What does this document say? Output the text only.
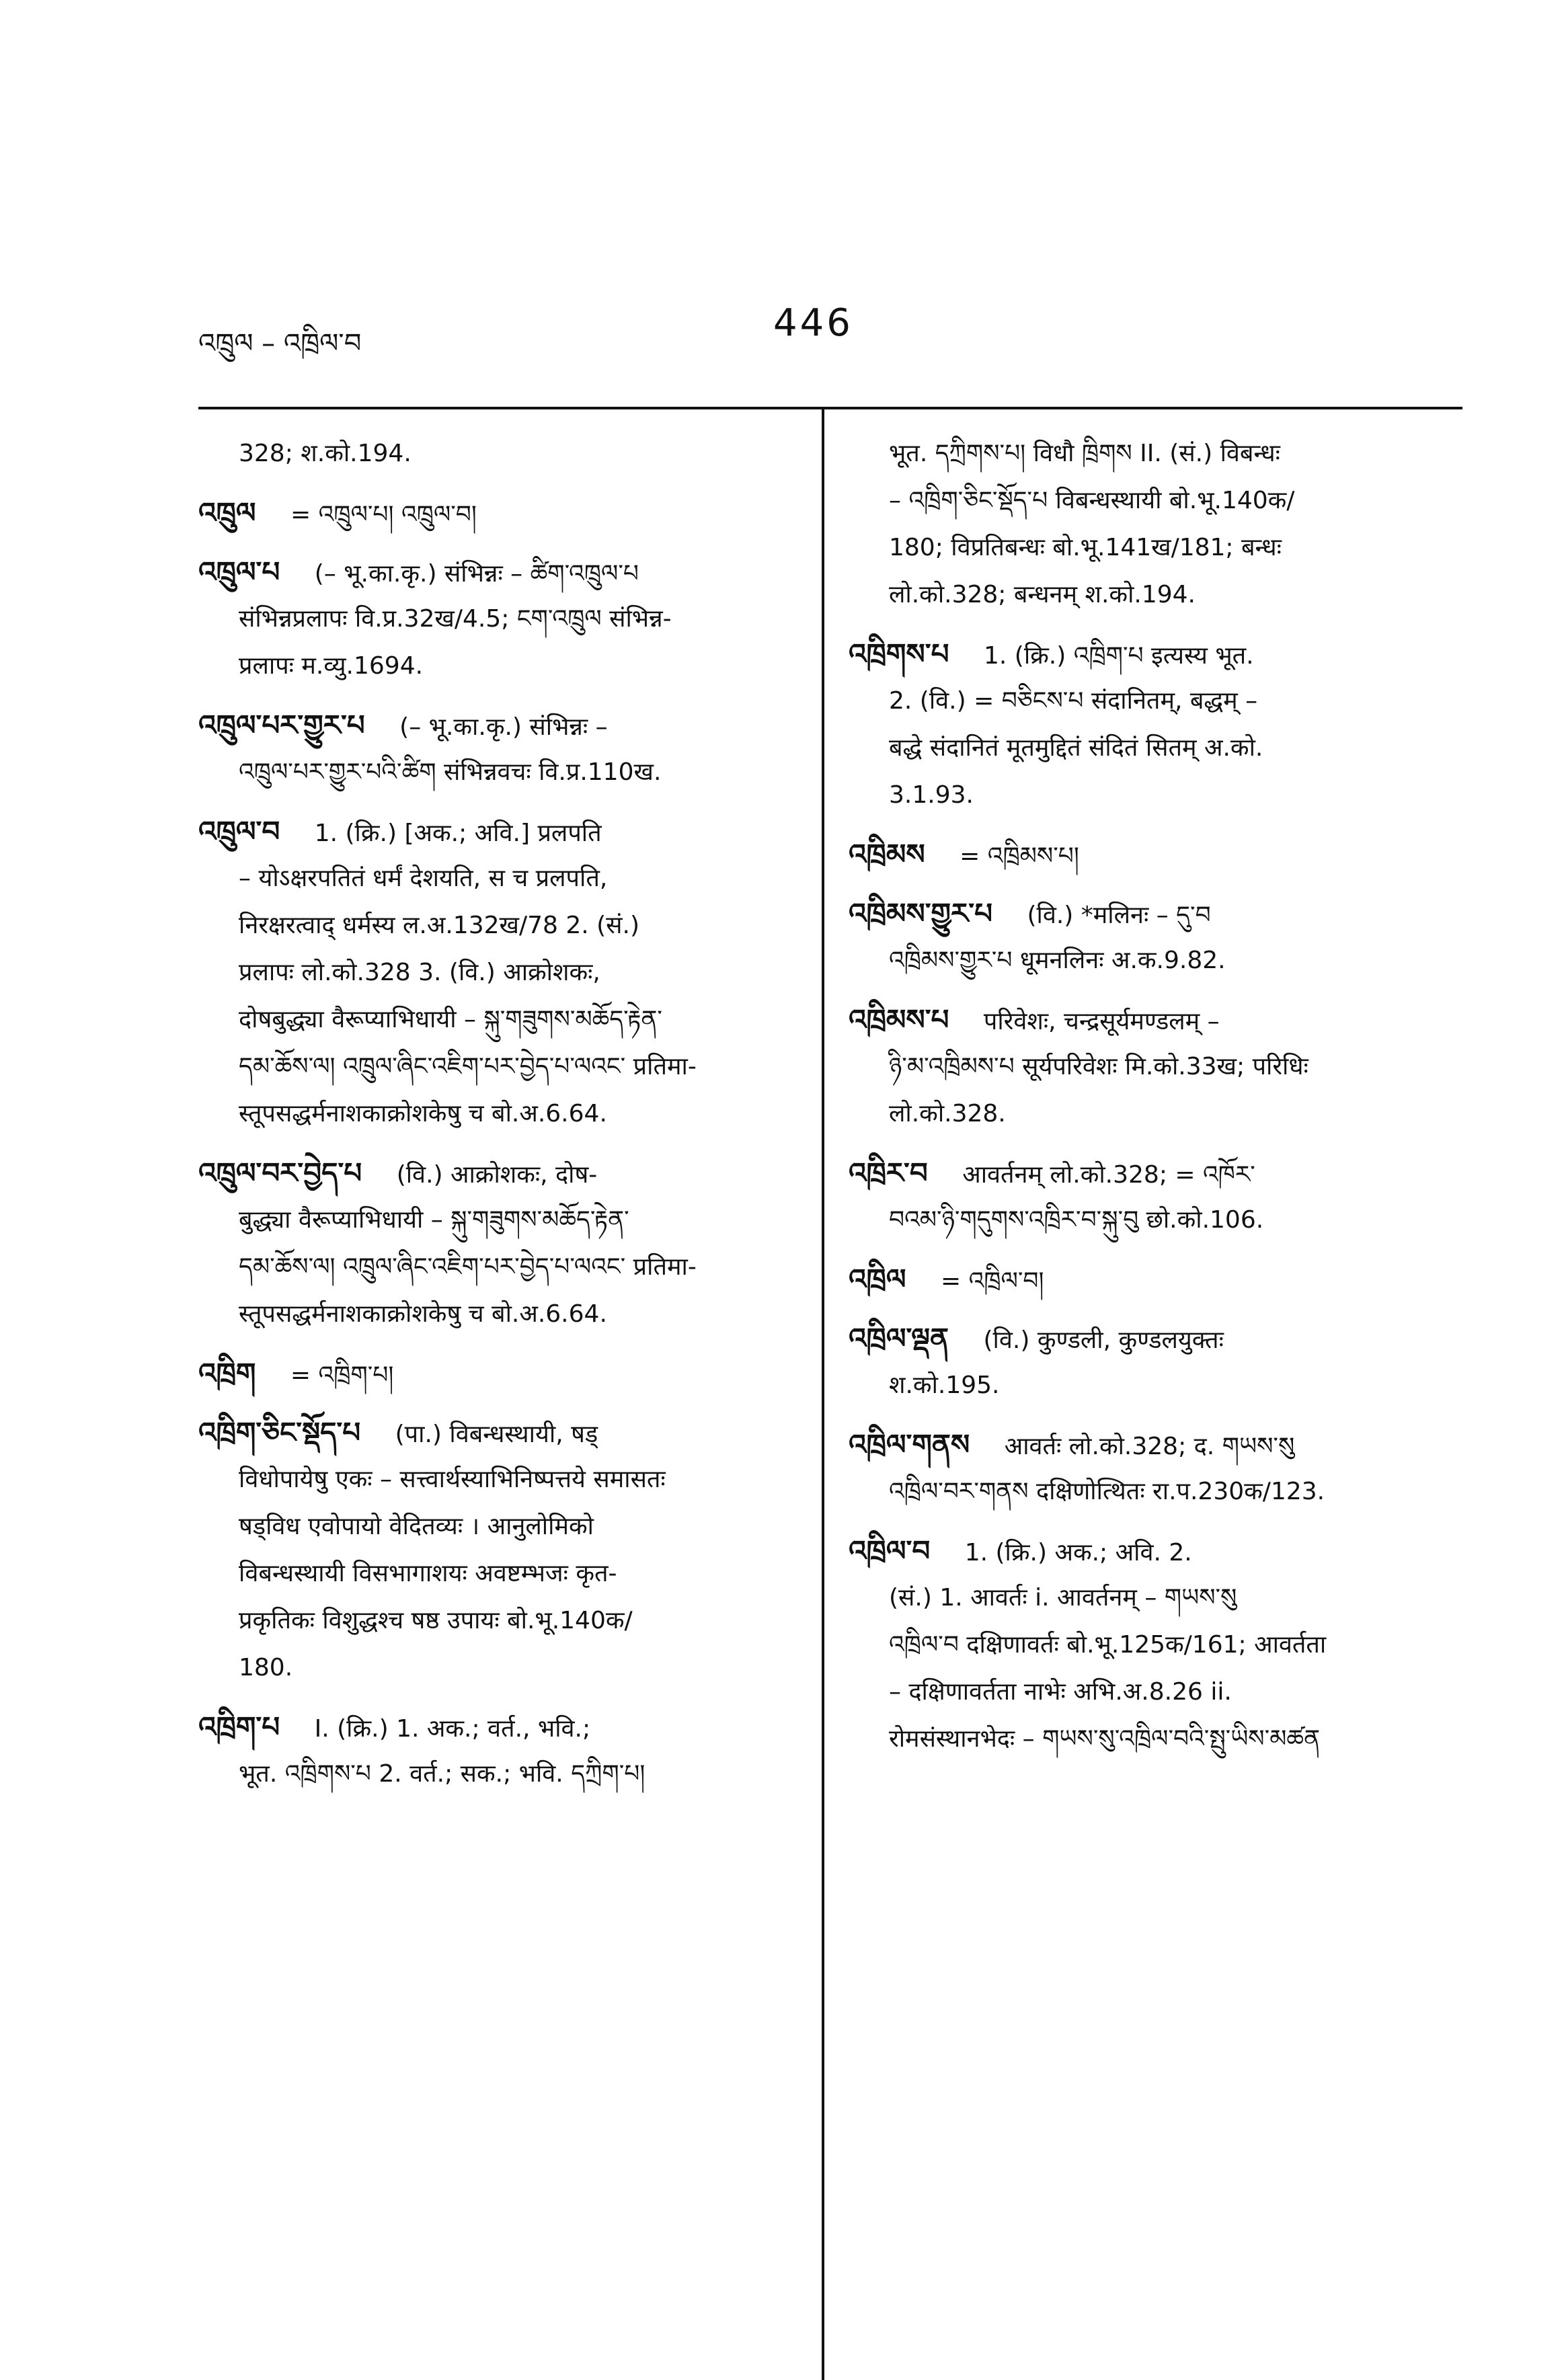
འཁྲུལ – འཁྲིལ་བ	446
328; श.को.194.
འཁྲུལ = འཁྲུལ་པ། འཁྲུལ་བ།
འཁྲུལ་པ (– भू.का.कृ.) संभिन्नः – ཚིག་འཁྲུལ་པ
संभिन्नप्रलापः वि.प्र.32ख/4.5; ངག་འཁྲུལ संभिन्न-
प्रलापः म.व्यु.1694.
འཁྲུལ་པར་གྱུར་པ (– भू.का.कृ.) संभिन्नः –
འཁྲུལ་པར་གྱུར་པའི་ཚིག संभिन्नवचः वि.प्र.110ख.
འཁྲུལ་བ 1. (क्रि.) [अक.; अवि.] प्रलपति
– योऽक्षरपतितं धर्मं देशयति, स च प्रलपति,
निरक्षरत्वाद् धर्मस्य ल.अ.132ख/78 2. (सं.)
प्रलापः लो.को.328 3. (वि.) आक्रोशकः,
दोषबुद्ध्या वैरूप्याभिधायी – སྐུ་གཟུགས་མཆོད་རྟེན་
དམ་ཆོས་ལ། འཁྲུལ་ཞིང་འཇིག་པར་བྱེད་པ་ལའང་ प्रतिमा-
स्तूपसद्धर्मनाशकाक्रोशकेषु च बो.अ.6.64.
འཁྲུལ་བར་བྱེད་པ (वि.) आक्रोशकः, दोष-
बुद्ध्या वैरूप्याभिधायी – སྐུ་གཟུགས་མཆོད་རྟེན་
དམ་ཆོས་ལ། འཁྲུལ་ཞིང་འཇིག་པར་བྱེད་པ་ལའང་ प्रतिमा-
स्तूपसद्धर्मनाशकाक्रोशकेषु च बो.अ.6.64.
འཁྲིག = འཁྲིག་པ།
འཁྲིག་ཅིང་སྡོད་པ (पा.) विबन्धस्थायी, षड्
विधोपायेषु एकः – सत्त्वार्थस्याभिनिष्पत्तये समासतः
षड्विध एवोपायो वेदितव्यः । आनुलोमिको
विबन्धस्थायी विसभागाशयः अवष्टम्भजः कृत-
प्रकृतिकः विशुद्धश्च षष्ठ उपायः बो.भू.140क/
180.
འཁྲིག་པ I. (क्रि.) 1. अक.; वर्त., भवि.;
भूत. འཁྲིགས་པ 2. वर्त.; सक.; भवि. དཀྲིག་པ།
भूत. དཀྲིགས་པ། विधौ ཁྲིགས II. (सं.) विबन्धः
– འཁྲིག་ཅིང་སྡོད་པ विबन्धस्थायी बो.भू.140क/
180; विप्रतिबन्धः बो.भू.141ख/181; बन्धः
लो.को.328; बन्धनम् श.को.194.
འཁྲིགས་པ 1. (क्रि.) འཁྲིག་པ इत्यस्य भूत.
2. (वि.) = བཅིངས་པ संदानितम्, बद्धम् –
बद्धे संदानितं मूतमुद्दितं संदितं सितम् अ.को.
3.1.93.
འཁྲིམས = འཁྲིམས་པ།
འཁྲིམས་གྱུར་པ (वि.) *मलिनः – དུ་བ
འཁྲིམས་གྱུར་པ धूमनलिनः अ.क.9.82.
འཁྲིམས་པ परिवेशः, चन्द्रसूर्यमण्डलम् –
ཉི་མ་འཁྲིམས་པ सूर्यपरिवेशः मि.को.33ख; परिधिः
लो.को.328.
འཁྲིར་བ आवर्तनम् लो.को.328; = འཁོར་
བའམ་ཉི་གདུགས་འཁྲིར་བ་སྐུ་བུ छो.को.106.
འཁྲིལ = འཁྲིལ་བ།
འཁྲིལ་ལྡན (वि.) कुण्डली, कुण्डलयुक्तः
श.को.195.
འཁྲིལ་གནས आवर्तः लो.को.328; द. གཡས་སུ
འཁྲིལ་བར་གནས दक्षिणोत्थितः रा.प.230क/123.
འཁྲིལ་བ 1. (क्रि.) अक.; अवि. 2.
(सं.) 1. आवर्तः i. आवर्तनम् – གཡས་སུ
འཁྲིལ་བ दक्षिणावर्तः बो.भू.125क/161; आवर्तता
– दक्षिणावर्तता नाभेः अभि.अ.8.26 ii.
रोमसंस्थानभेदः – གཡས་སུ་འཁྲིལ་བའི་སྤུ་ཡིས་མཚན
